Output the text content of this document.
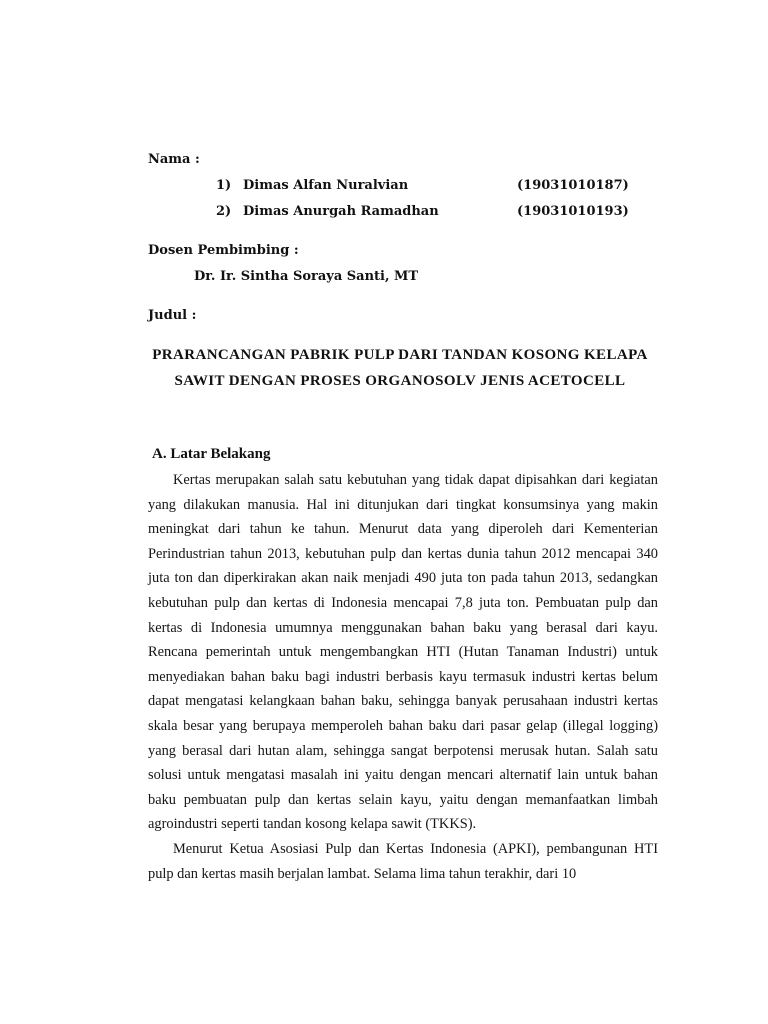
Nama :
1) Dimas Alfan Nuralvian	(19031010187)
2) Dimas Anurgah Ramadhan	(19031010193)
Dosen Pembimbing :
Dr. Ir. Sintha Soraya Santi, MT
Judul :
PRARANCANGAN PABRIK PULP DARI TANDAN KOSONG KELAPA
SAWIT DENGAN PROSES ORGANOSOLV JENIS ACETOCELL
A. Latar Belakang

Kertas merupakan salah satu kebutuhan yang tidak dapat dipisahkan dari kegiatan yang dilakukan manusia. Hal ini ditunjukan dari tingkat konsumsinya yang makin meningkat dari tahun ke tahun. Menurut data yang diperoleh dari Kementerian Perindustrian tahun 2013, kebutuhan pulp dan kertas dunia tahun 2012 mencapai 340 juta ton dan diperkirakan akan naik menjadi 490 juta ton pada tahun 2013, sedangkan kebutuhan pulp dan kertas di Indonesia mencapai 7,8 juta ton. Pembuatan pulp dan kertas di Indonesia umumnya menggunakan bahan baku yang berasal dari kayu. Rencana pemerintah untuk mengembangkan HTI (Hutan Tanaman Industri) untuk menyediakan bahan baku bagi industri berbasis kayu termasuk industri kertas belum dapat mengatasi kelangkaan bahan baku, sehingga banyak perusahaan industri kertas skala besar yang berupaya memperoleh bahan baku dari pasar gelap (illegal logging) yang berasal dari hutan alam, sehingga sangat berpotensi merusak hutan. Salah satu solusi untuk mengatasi masalah ini yaitu dengan mencari alternatif lain untuk bahan baku pembuatan pulp dan kertas selain kayu, yaitu dengan memanfaatkan limbah agroindustri seperti tandan kosong kelapa sawit (TKKS).

Menurut Ketua Asosiasi Pulp dan Kertas Indonesia (APKI), pembangunan HTI pulp dan kertas masih berjalan lambat. Selama lima tahun terakhir, dari 10
